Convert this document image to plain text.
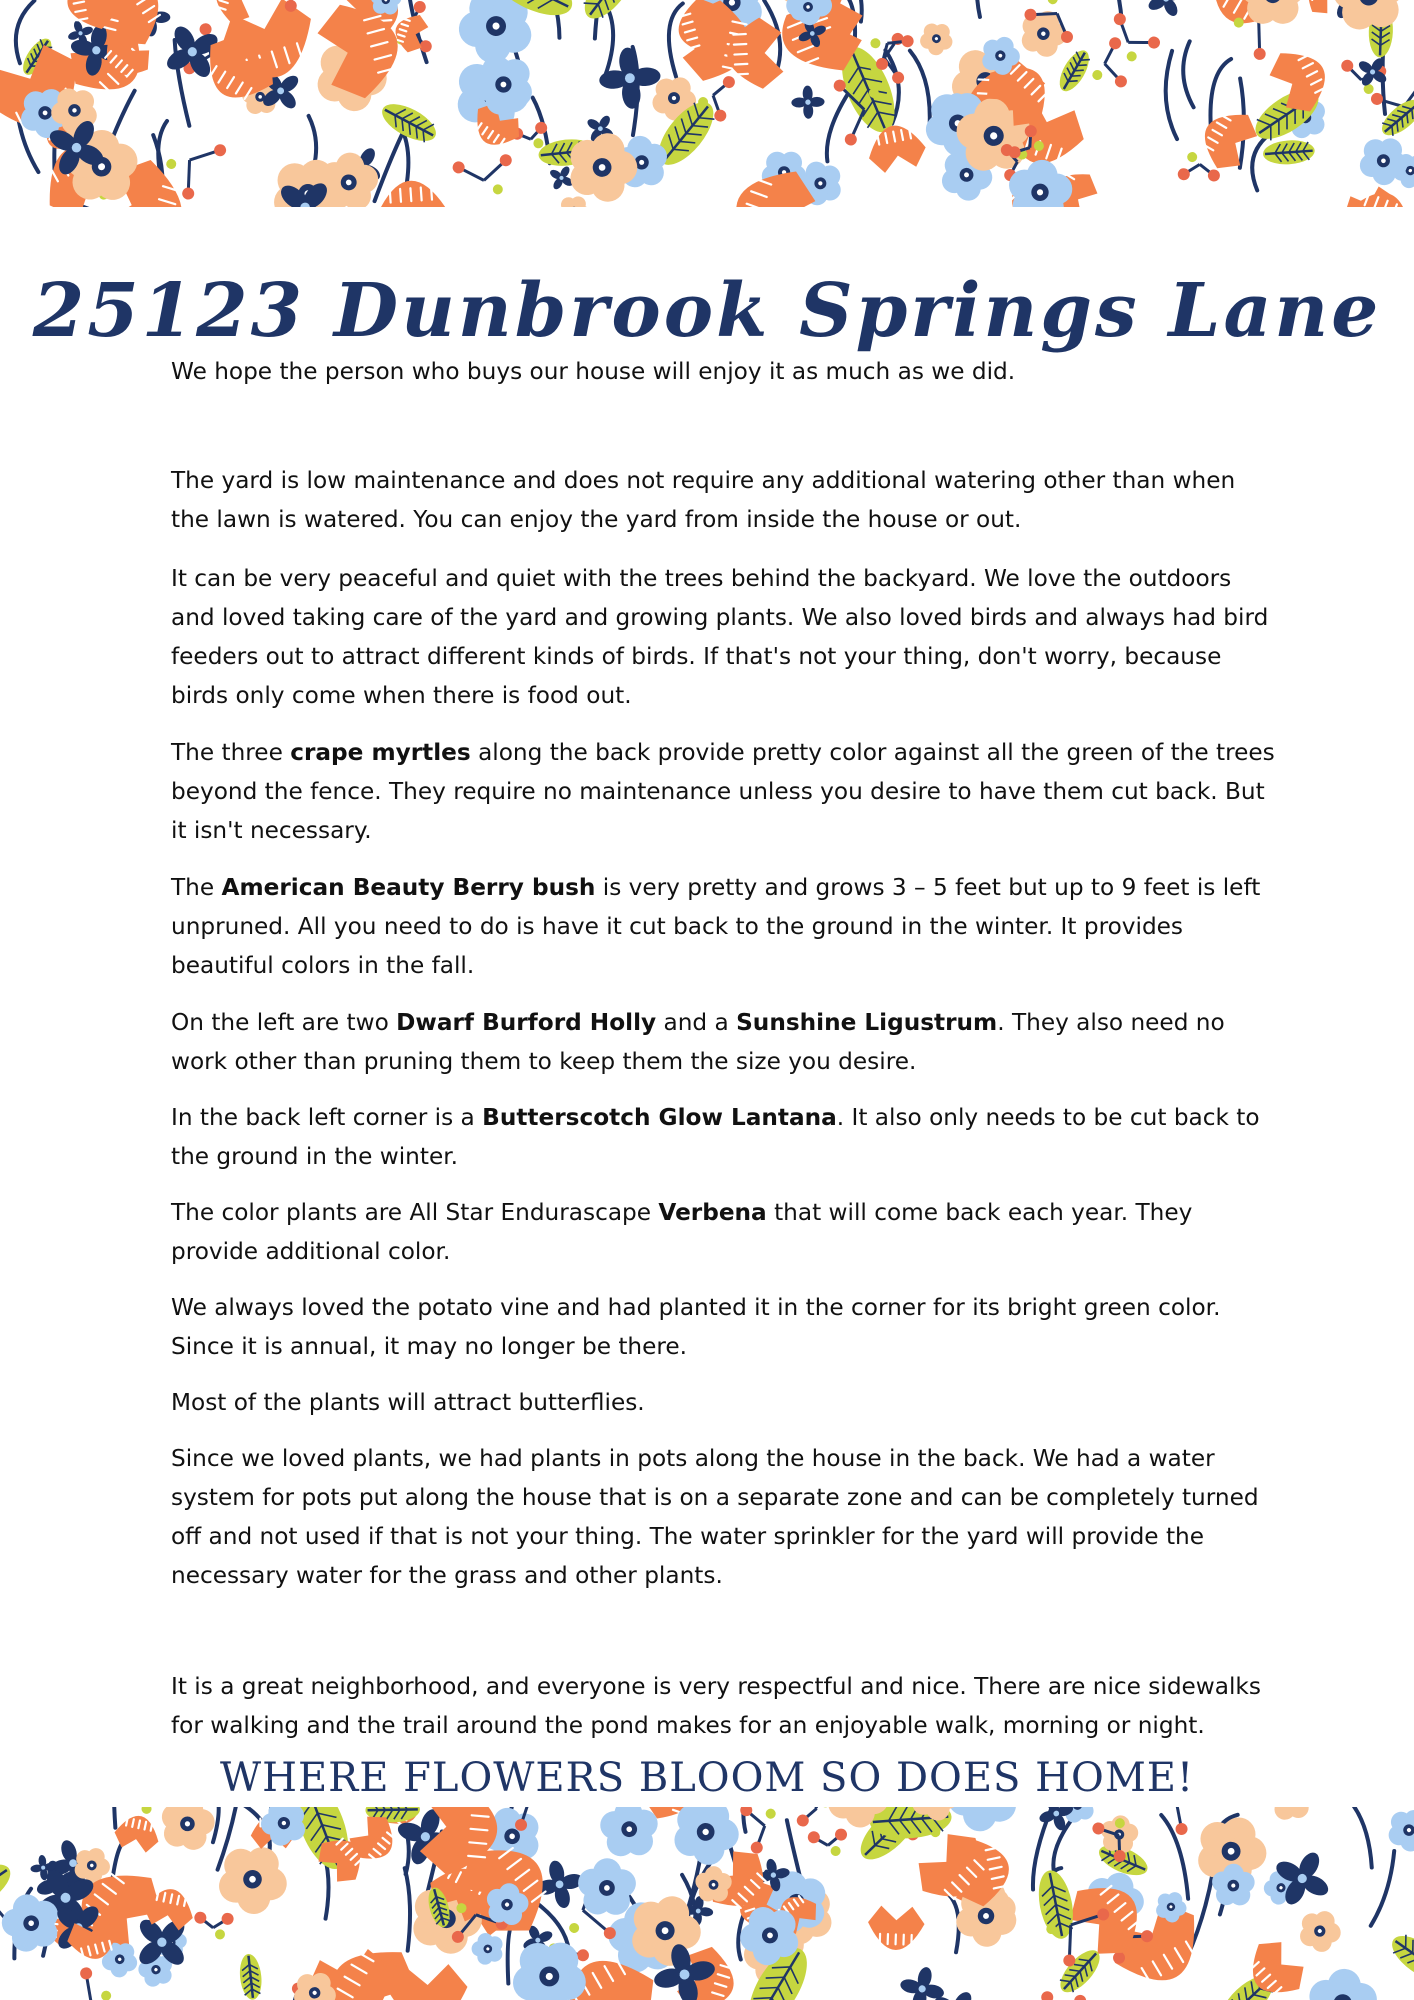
25123 Dunbrook Springs Lane

We hope the person who buys our house will enjoy it as much as we did.

The yard is low maintenance and does not require any additional watering other than when the lawn is watered. You can enjoy the yard from inside the house or out.

It can be very peaceful and quiet with the trees behind the backyard. We love the outdoors and loved taking care of the yard and growing plants. We also loved birds and always had bird feeders out to attract different kinds of birds. If that's not your thing, don't worry, because birds only come when there is food out.

The three crape myrtles along the back provide pretty color against all the green of the trees beyond the fence. They require no maintenance unless you desire to have them cut back. But it isn't necessary.

The American Beauty Berry bush is very pretty and grows 3 – 5 feet but up to 9 feet is left unpruned. All you need to do is have it cut back to the ground in the winter. It provides beautiful colors in the fall.

On the left are two Dwarf Burford Holly and a Sunshine Ligustrum. They also need no work other than pruning them to keep them the size you desire.

In the back left corner is a Butterscotch Glow Lantana. It also only needs to be cut back to the ground in the winter.

The color plants are All Star Endurascape Verbena that will come back each year. They provide additional color.

We always loved the potato vine and had planted it in the corner for its bright green color. Since it is annual, it may no longer be there.

Most of the plants will attract butterflies.

Since we loved plants, we had plants in pots along the house in the back. We had a water system for pots put along the house that is on a separate zone and can be completely turned off and not used if that is not your thing. The water sprinkler for the yard will provide the necessary water for the grass and other plants.

It is a great neighborhood, and everyone is very respectful and nice. There are nice sidewalks for walking and the trail around the pond makes for an enjoyable walk, morning or night.

WHERE FLOWERS BLOOM SO DOES HOME!
